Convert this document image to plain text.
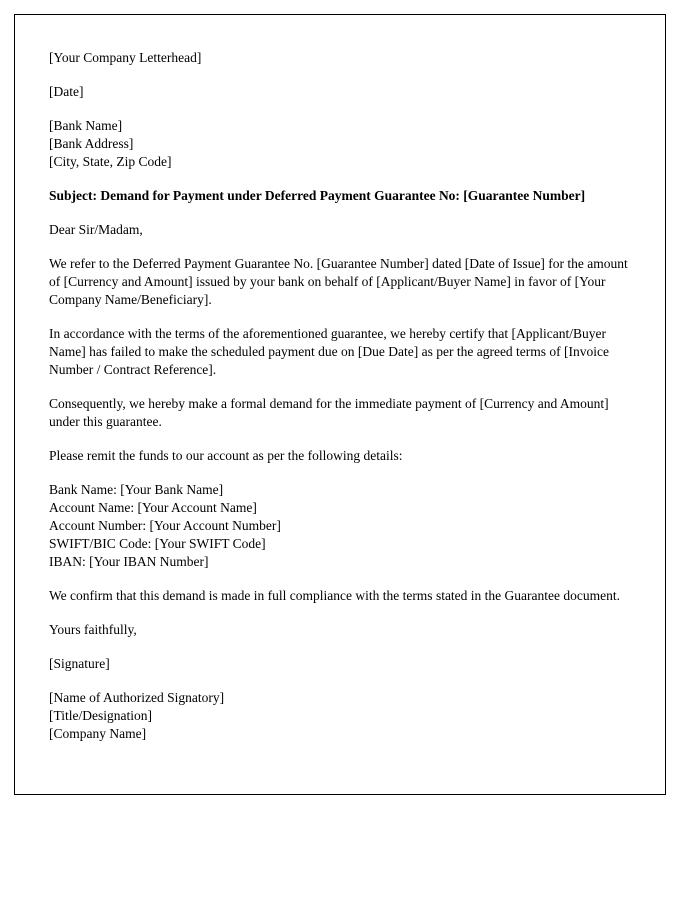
[Your Company Letterhead]

[Date]

[Bank Name]
[Bank Address]
[City, State, Zip Code]

Subject: Demand for Payment under Deferred Payment Guarantee No: [Guarantee Number]

Dear Sir/Madam,

We refer to the Deferred Payment Guarantee No. [Guarantee Number] dated [Date of Issue] for the amount of [Currency and Amount] issued by your bank on behalf of [Applicant/Buyer Name] in favor of [Your Company Name/Beneficiary].

In accordance with the terms of the aforementioned guarantee, we hereby certify that [Applicant/Buyer Name] has failed to make the scheduled payment due on [Due Date] as per the agreed terms of [Invoice Number / Contract Reference].

Consequently, we hereby make a formal demand for the immediate payment of [Currency and Amount] under this guarantee.

Please remit the funds to our account as per the following details:

Bank Name: [Your Bank Name]
Account Name: [Your Account Name]
Account Number: [Your Account Number]
SWIFT/BIC Code: [Your SWIFT Code]
IBAN: [Your IBAN Number]

We confirm that this demand is made in full compliance with the terms stated in the Guarantee document.

Yours faithfully,

[Signature]

[Name of Authorized Signatory]
[Title/Designation]
[Company Name]
